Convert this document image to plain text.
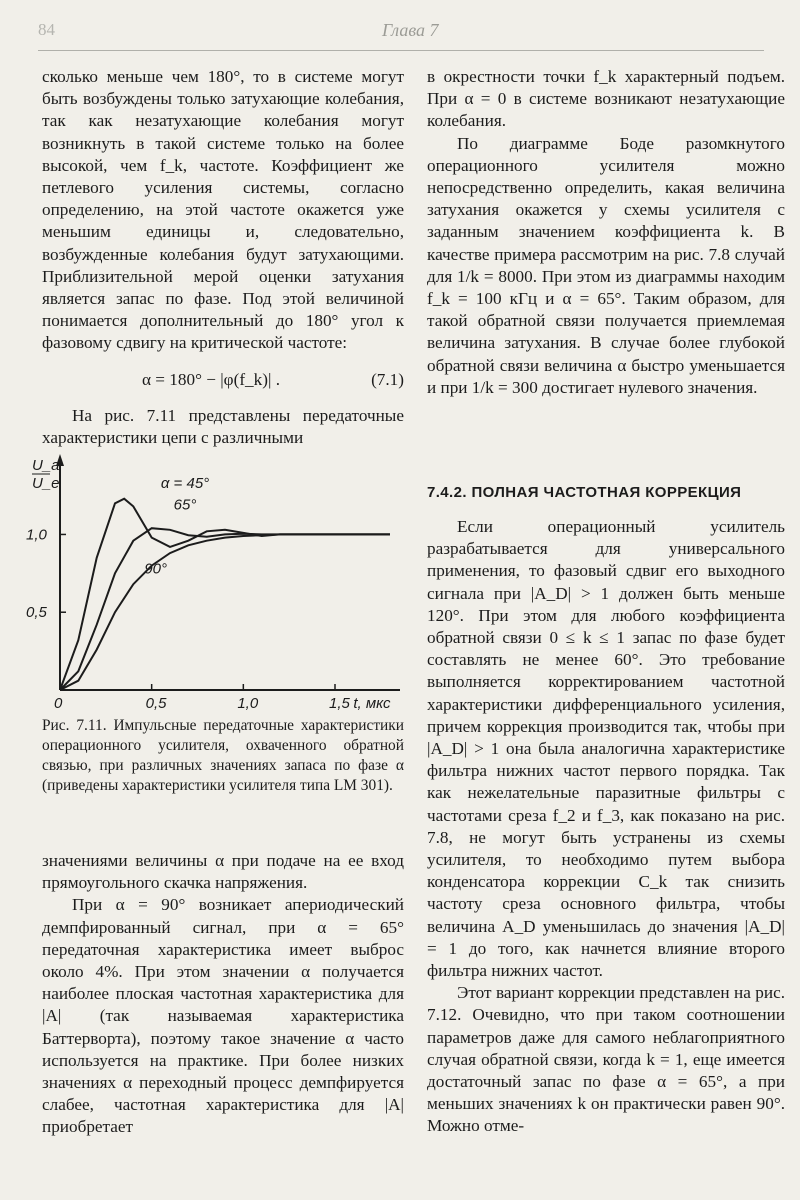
84	Глава 7

сколько меньше чем 180°, то в системе могут быть возбуждены только затухающие колебания, так как незатухающие колебания могут возникнуть в такой системе только на более высокой, чем f_k, частоте. Коэффициент же петлевого усиления системы, согласно определению, на этой частоте окажется уже меньшим единицы и, следовательно, возбужденные колебания будут затухающими. Приблизительной мерой оценки затухания является запас по фазе. Под этой величиной понимается дополнительный до 180° угол к фазовому сдвигу на критической частоте:

α = 180° − |φ(f_k)| .	(7.1)

На рис. 7.11 представлены передаточные характеристики цепи с различными

U_a
U_e
0	0,5	1,0	1,5 t, мкс
0,5
1,0
α = 45°
65°
90°
Рис. 7.11. Импульсные передаточные характеристики операционного усилителя, охваченного обратной связью, при различных значениях запаса по фазе α (приведены характеристики усилителя типа LM 301).

значениями величины α при подаче на ее вход прямоугольного скачка напряжения.

При α = 90° возникает апериодический демпфированный сигнал, при α = 65° передаточная характеристика имеет выброс около 4%. При этом значении α получается наиболее плоская частотная характеристика для |A| (так называемая характеристика Баттерворта), поэтому такое значение α часто используется на практике. При более низких значениях α переходный процесс демпфируется слабее, частотная характеристика для |A| приобретает

в окрестности точки f_k характерный подъем. При α = 0 в системе возникают незатухающие колебания.

По диаграмме Боде разомкнутого операционного усилителя можно непосредственно определить, какая величина затухания окажется у схемы усилителя с заданным значением коэффициента k. В качестве примера рассмотрим на рис. 7.8 случай для 1/k = 8000. При этом из диаграммы находим f_k = 100 кГц и α = 65°. Таким образом, для такой обратной связи получается приемлемая величина затухания. В случае более глубокой обратной связи величина α быстро уменьшается и при 1/k = 300 достигает нулевого значения.

7.4.2. ПОЛНАЯ ЧАСТОТНАЯ КОРРЕКЦИЯ

Если операционный усилитель разрабатывается для универсального применения, то фазовый сдвиг его выходного сигнала при |A_D| > 1 должен быть меньше 120°. При этом для любого коэффициента обратной связи 0 ≤ k ≤ 1 запас по фазе будет составлять не менее 60°. Это требование выполняется корректированием частотной характеристики дифференциального усиления, причем коррекция производится так, чтобы при |A_D| > 1 она была аналогична характеристике фильтра нижних частот первого порядка. Так как нежелательные паразитные фильтры с частотами среза f_2 и f_3, как показано на рис. 7.8, не могут быть устранены из схемы усилителя, то необходимо путем выбора конденсатора коррекции C_k так снизить частоту среза основного фильтра, чтобы величина A_D уменьшилась до значения |A_D| = 1 до того, как начнется влияние второго фильтра нижних частот.

Этот вариант коррекции представлен на рис. 7.12. Очевидно, что при таком соотношении параметров даже для самого неблагоприятного случая обратной связи, когда k = 1, еще имеется достаточный запас по фазе α = 65°, а при меньших значениях k он практически равен 90°. Можно отме-
